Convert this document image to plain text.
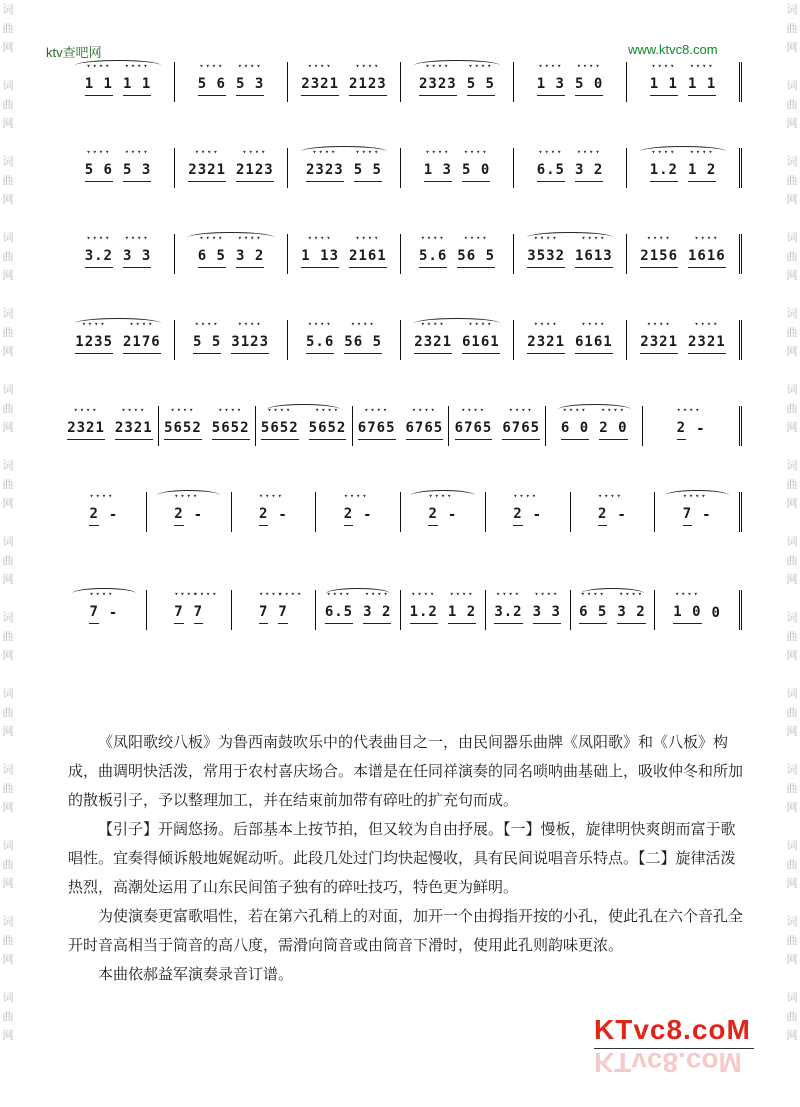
词
曲
网

词
曲
网

词
曲
网

词
曲
网

词
曲
网

词
曲
网

词
曲
网

词
曲
网

词
曲
网

词
曲
网

词
曲
网

词
曲
网

词
曲
网

词
曲
网
词
曲
网

词
曲
网

词
曲
网

词
曲
网

词
曲
网

词
曲
网

词
曲
网

词
曲
网

词
曲
网

词
曲
网

词
曲
网

词
曲
网

词
曲
网

词
曲
网
ktv查吧网	www.ktvc8.com
▾▾▾▾ 1 1 ▾▾▾▾ 1 1	▾▾▾▾ 5 6 ▾▾▾▾ 5 3	▾▾▾▾ 2321 ▾▾▾▾ 2123 ▾▾▾▾ 2323 ▾▾▾▾ 5 5	▾▾▾▾ 1 3 ▾▾▾▾ 5 0	▾▾▾▾ 1 1 ▾▾▾▾ 1 1
▾▾▾▾ 5 6 ▾▾▾▾ 5 3	▾▾▾▾ 2321 ▾▾▾▾ 2123 ▾▾▾▾ 2323 ▾▾▾▾ 5 5	▾▾▾▾ 1 3 ▾▾▾▾ 5 0	▾▾▾▾ 6.5 ▾▾▾▾ 3 2	▾▾▾▾ 1.2 ▾▾▾▾ 1 2
▾▾▾▾ 3.2 ▾▾▾▾ 3 3	▾▾▾▾ 6 5 ▾▾▾▾ 3 2	▾▾▾▾ 1 13 ▾▾▾▾ 2161 ▾▾▾▾ 5.6 ▾▾▾▾ 56 5 ▾▾▾▾ 3532 ▾▾▾▾ 1613 ▾▾▾▾ 2156 ▾▾▾▾ 1616
▾▾▾▾ 1235 ▾▾▾▾ 2176 ▾▾▾▾ 5 5 ▾▾▾▾ 3123	▾▾▾▾ 5.6 ▾▾▾▾ 56 5 ▾▾▾▾ 2321 ▾▾▾▾ 6161 ▾▾▾▾ 2321 ▾▾▾▾ 6161 ▾▾▾▾ 2321 ▾▾▾▾ 2321
▾▾▾▾ 2321 ▾▾▾▾ 2321 ▾▾▾▾ 5652 ▾▾▾▾ 5652 ▾▾▾▾ 5652 ▾▾▾▾ 5652 ▾▾▾▾ 6765 ▾▾▾▾ 6765 ▾▾▾▾ 6765 ▾▾▾▾ 6765 ▾▾▾▾ 6 0 ▾▾▾▾ 2 0	▾▾▾▾ 2 -
▾▾▾▾ 2 -	▾▾▾▾ 2 -	▾▾▾▾ 2 -	▾▾▾▾ 2 -	▾▾▾▾ 2 -	▾▾▾▾ 2 -	▾▾▾▾ 2 -	▾▾▾▾ 7 -
▾▾▾▾ 7 -	▾▾▾▾ 7 ▾▾▾▾ 7	▾▾▾▾ 7 ▾▾▾▾ 7	▾▾▾▾ 6.5 ▾▾▾▾ 3 2 ▾▾▾▾ 1.2 ▾▾▾▾ 1 2 ▾▾▾▾ 3.2 ▾▾▾▾ 3 3 ▾▾▾▾ 6 5 ▾▾▾▾ 3 2 ▾▾▾▾ 1 0 0

《凤阳歌绞八板》为鲁西南鼓吹乐中的代表曲目之一，由民间器乐曲牌《凤阳歌》和《八板》构成，曲调明快活泼，常用于农村喜庆场合。本谱是在任同祥演奏的同名唢呐曲基础上，吸收仲冬和所加的散板引子，予以整理加工，并在结束前加带有碎吐的扩充句而成。

【引子】开阔悠扬。后部基本上按节拍，但又较为自由抒展。【一】慢板，旋律明快爽朗而富于歌唱性。宜奏得倾诉般地娓娓动听。此段几处过门均快起慢收，具有民间说唱音乐特点。【二】旋律活泼热烈，高潮处运用了山东民间笛子独有的碎吐技巧，特色更为鲜明。

为使演奏更富歌唱性，若在第六孔稍上的对面，加开一个由拇指开按的小孔，使此孔在六个音孔全开时音高相当于筒音的高八度，需滑向筒音或由筒音下滑时，使用此孔则韵味更浓。

本曲依郝益军演奏录音订谱。

KTvc8.coM
KTvc8.coM
